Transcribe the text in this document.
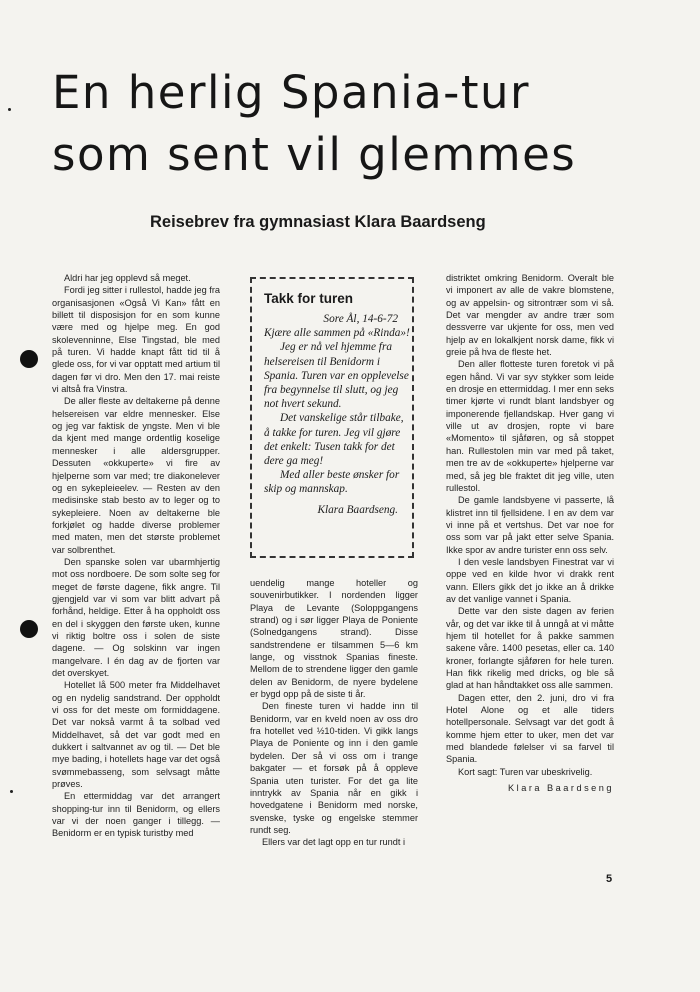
En herlig Spania-tur
som sent vil glemmes
Reisebrev fra gymnasiast Klara Baardseng

Aldri har jeg opplevd så meget.

Fordi jeg sitter i rullestol, hadde jeg fra organisasjonen «Også Vi Kan» fått en billett til disposisjon for en som kunne være med og hjelpe meg. En god skolevenninne, Else Tingstad, ble med på turen. Vi hadde knapt fått tid til å glede oss, for vi var opptatt med artium til dagen før vi dro. Men den 17. mai reiste vi altså fra Vinstra.

De aller fleste av deltakerne på denne helsereisen var eldre mennesker. Else og jeg var faktisk de yngste. Men vi ble da kjent med mange ordentlig koselige mennesker i alle aldersgrupper. Dessuten «okkuperte» vi fire av hjelperne som var med; tre diakonelever og en sykepleieelev. — Resten av den medisinske stab besto av to leger og to sykepleiere. Noen av deltakerne ble forkjølet og hadde diverse problemer med maten, men det største problemet var solbrenthet.

Den spanske solen var ubarmhjertig mot oss nordboere. De som solte seg for meget de første dagene, fikk angre. Til gjengjeld var vi som var blitt advart på forhånd, heldige. Etter å ha oppholdt oss en del i skyggen den første uken, kunne vi riktig boltre oss i solen de siste dagene. — Og solskinn var ingen mangelvare. I én dag av de fjorten var det overskyet.

Hotellet lå 500 meter fra Middelhavet og en nydelig sandstrand. Der oppholdt vi oss for det meste om formiddagene. Det var nokså varmt å ta solbad ved Middelhavet, så det var godt med en dukkert i saltvannet av og til. — Det ble mye bading, i hotellets hage var det også svømmebasseng, som selvsagt måtte prøves.

En ettermiddag var det arrangert shopping-tur inn til Benidorm, og ellers var vi der noen ganger i tillegg. — Benidorm er en typisk turistby med

Takk for turen

Sore Ål, 14-6-72

Kjære alle sammen på «Rinda»!

Jeg er nå vel hjemme fra helsereisen til Benidorm i Spania. Turen var en opplevelse fra begynnelse til slutt, og jeg not hvert sekund.

Det vanskelige står tilbake, å takke for turen. Jeg vil gjøre det enkelt: Tusen takk for det dere ga meg!

Med aller beste ønsker for skip og mannskap.

Klara Baardseng.

uendelig mange hoteller og souvenirbutikker. I nordenden ligger Playa de Levante (Soloppgangens strand) og i sør ligger Playa de Poniente (Solnedgangens strand). Disse sandstrendene er tilsammen 5—6 km lange, og visstnok Spanias fineste. Mellom de to strendene ligger den gamle delen av Benidorm, de nyere bydelene er bygd opp på de siste ti år.

Den fineste turen vi hadde inn til Benidorm, var en kveld noen av oss dro fra hotellet ved ½10-tiden. Vi gikk langs Playa de Poniente og inn i den gamle bydelen. Der så vi oss om i trange bakgater — et forsøk på å oppleve Spania uten turister. For det ga lite inntrykk av Spania når en gikk i hovedgatene i Benidorm med norske, svenske, tyske og engelske stemmer rundt seg.

Ellers var det lagt opp en tur rundt i

distriktet omkring Benidorm. Overalt ble vi imponert av alle de vakre blomstene, og av appelsin- og sitrontrær som vi så. Det var mengder av andre trær som dessverre var ukjente for oss, men ved hjelp av en lokalkjent norsk dame, fikk vi greie på hva de fleste het.

Den aller flotteste turen foretok vi på egen hånd. Vi var syv stykker som leide en drosje en ettermiddag. I mer enn seks timer kjørte vi rundt blant landsbyer og imponerende fjellandskap. Hver gang vi ville ut av drosjen, ropte vi bare «Momento» til sjåføren, og så stoppet han. Rullestolen min var med på taket, men tre av de «okkuperte» hjelperne var med, så jeg ble fraktet dit jeg ville, uten rullestol.

De gamle landsbyene vi passerte, lå klistret inn til fjellsidene. I en av dem var vi inne på et vertshus. Det var noe for oss som var på jakt etter selve Spania. Ikke spor av andre turister enn oss selv.

I den vesle landsbyen Finestrat var vi oppe ved en kilde hvor vi drakk rent vann. Ellers gikk det jo ikke an å drikke av det vanlige vannet i Spania.

Dette var den siste dagen av ferien vår, og det var ikke til å unngå at vi måtte hjem til hotellet for å pakke sammen sakene våre. 1400 pesetas, eller ca. 140 kroner, forlangte sjåføren for hele turen. Han fikk rikelig med dricks, og ble så glad at han håndtakket oss alle sammen.

Dagen etter, den 2. juni, dro vi fra Hotel Alone og et alle tiders hotellpersonale. Selvsagt var det godt å komme hjem etter to uker, men det var med blandede følelser vi sa farvel til Spania.

Kort sagt: Turen var ubeskrivelig.

Klara Baardseng

5
